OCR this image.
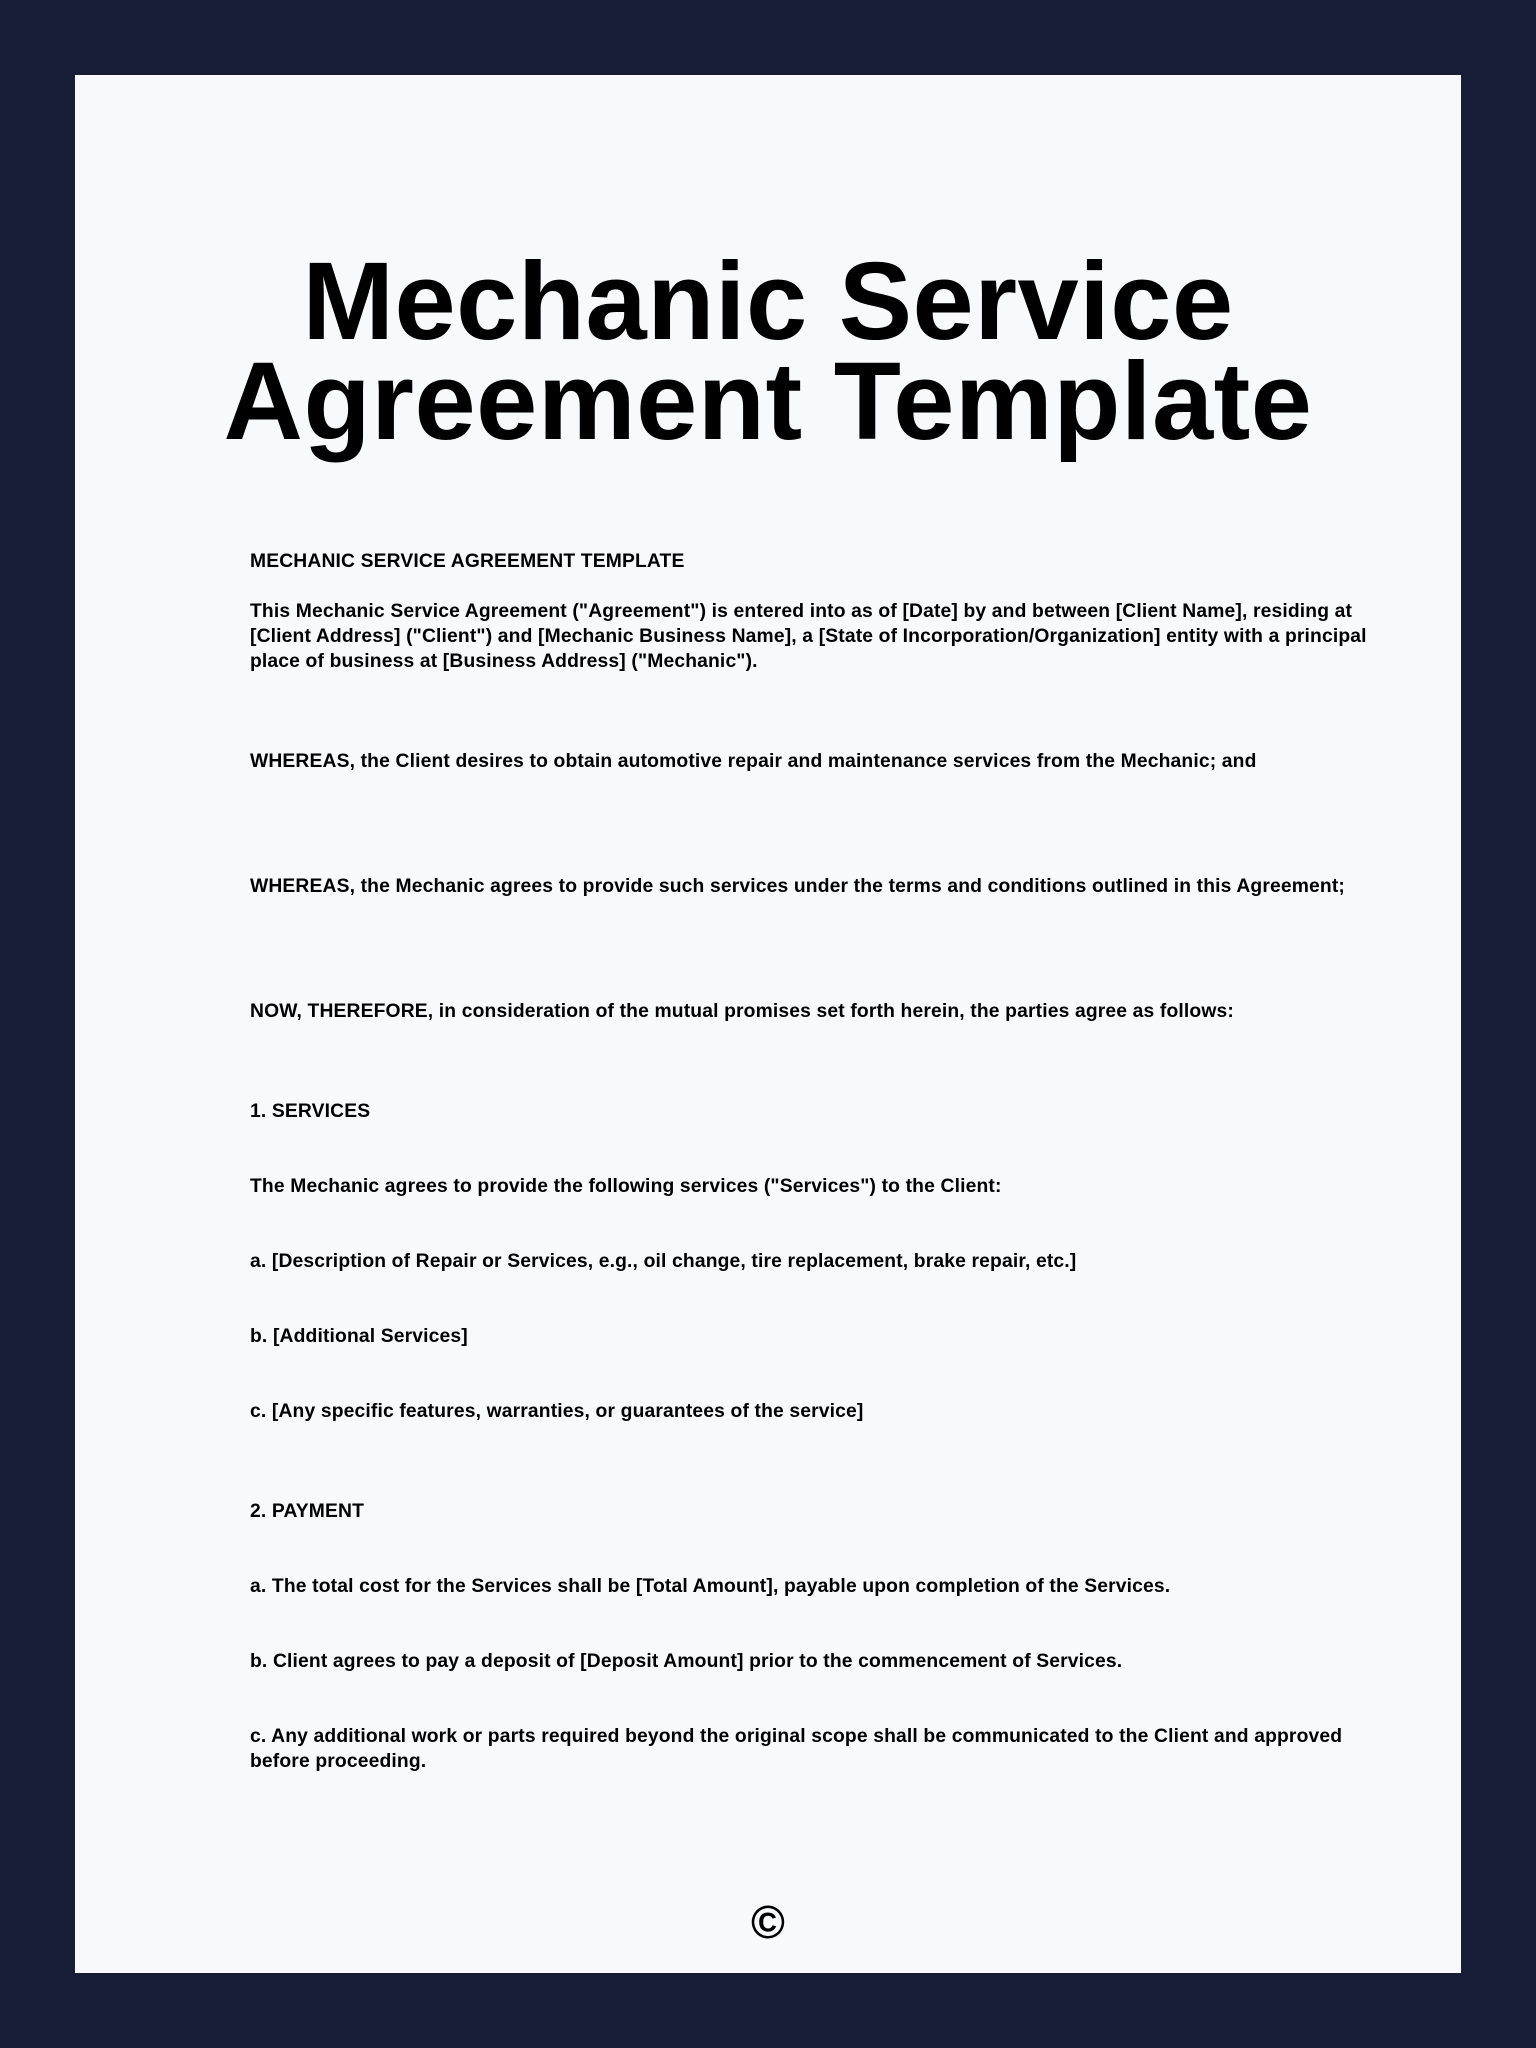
Mechanic Service Agreement Template

MECHANIC SERVICE AGREEMENT TEMPLATE

This Mechanic Service Agreement ("Agreement") is entered into as of [Date] by and between [Client Name], residing at [Client Address] ("Client") and [Mechanic Business Name], a [State of Incorporation/Organization] entity with a principal place of business at [Business Address] ("Mechanic").

WHEREAS, the Client desires to obtain automotive repair and maintenance services from the Mechanic; and

WHEREAS, the Mechanic agrees to provide such services under the terms and conditions outlined in this Agreement;

NOW, THEREFORE, in consideration of the mutual promises set forth herein, the parties agree as follows:

1. SERVICES

The Mechanic agrees to provide the following services ("Services") to the Client:

a. [Description of Repair or Services, e.g., oil change, tire replacement, brake repair, etc.]

b. [Additional Services]

c. [Any specific features, warranties, or guarantees of the service]

2. PAYMENT

a. The total cost for the Services shall be [Total Amount], payable upon completion of the Services.

b. Client agrees to pay a deposit of [Deposit Amount] prior to the commencement of Services.

c. Any additional work or parts required beyond the original scope shall be communicated to the Client and approved before proceeding.

©
